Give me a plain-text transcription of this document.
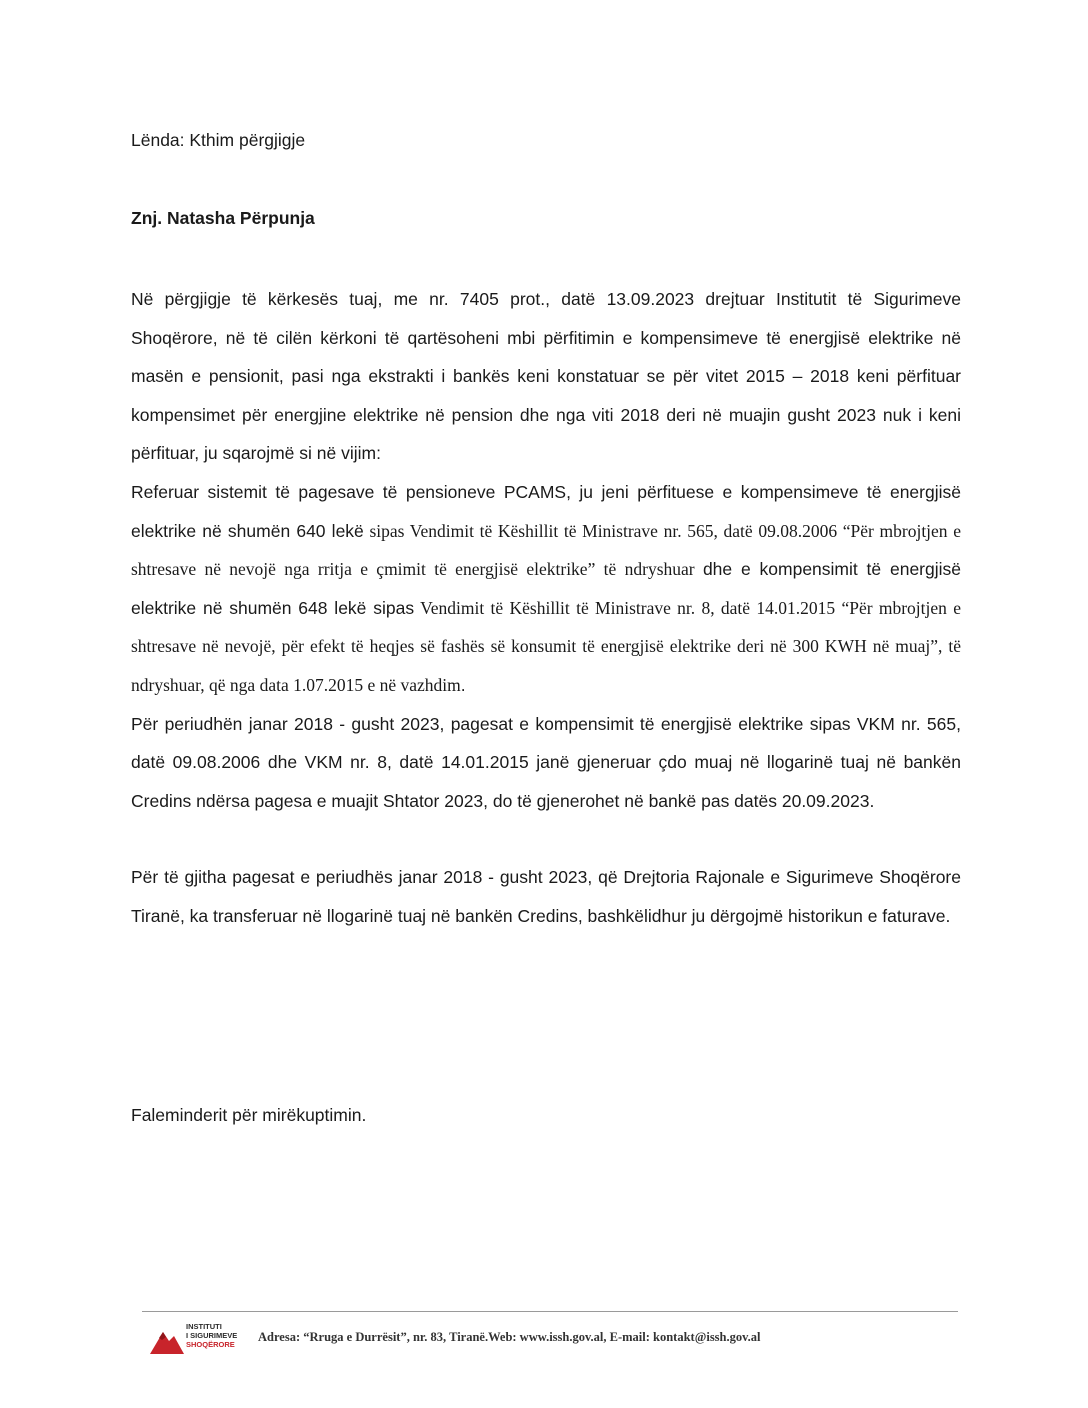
Lënda: Kthim përgjigje
Znj. Natasha Përpunja

Në përgjigje të kërkesës tuaj, me nr. 7405 prot., datë 13.09.2023 drejtuar Institutit të Sigurimeve Shoqërore, në të cilën kërkoni të qartësoheni mbi përfitimin e kompensimeve të energjisë elektrike në masën e pensionit, pasi nga ekstrakti i bankës keni konstatuar se për vitet 2015 – 2018 keni përfituar kompensimet për energjine elektrike në pension dhe nga viti 2018 deri në muajin gusht 2023 nuk i keni përfituar, ju sqarojmë si në vijim:

Referuar sistemit të pagesave të pensioneve PCAMS, ju jeni përfituese e kompensimeve të energjisë elektrike në shumën 640 lekë sipas Vendimit të Këshillit të Ministrave nr. 565, datë 09.08.2006 “Për mbrojtjen e shtresave në nevojë nga rritja e çmimit të energjisë elektrike” të ndryshuar dhe e kompensimit të energjisë elektrike në shumën 648 lekë sipas Vendimit të Këshillit të Ministrave nr. 8, datë 14.01.2015 “Për mbrojtjen e shtresave në nevojë, për efekt të heqjes së fashës së konsumit të energjisë elektrike deri në 300 KWH në muaj”, të ndryshuar, që nga data 1.07.2015 e në vazhdim.

Për periudhën janar 2018 - gusht 2023, pagesat e kompensimit të energjisë elektrike sipas VKM nr. 565, datë 09.08.2006 dhe VKM nr. 8, datë 14.01.2015 janë gjeneruar çdo muaj në llogarinë tuaj në bankën Credins ndërsa pagesa e muajit Shtator 2023, do të gjenerohet në bankë pas datës 20.09.2023.

Për të gjitha pagesat e periudhës janar 2018 - gusht 2023, që Drejtoria Rajonale e Sigurimeve Shoqërore Tiranë, ka transferuar në llogarinë tuaj në bankën Credins, bashkëlidhur ju dërgojmë historikun e faturave.

Faleminderit për mirëkuptimin.
INSTITUTI
I SIGURIMEVE
SHOQËRORE
Adresa: “Rruga e Durrësit”, nr. 83, Tiranë.Web: www.issh.gov.al, E-mail: kontakt@issh.gov.al
